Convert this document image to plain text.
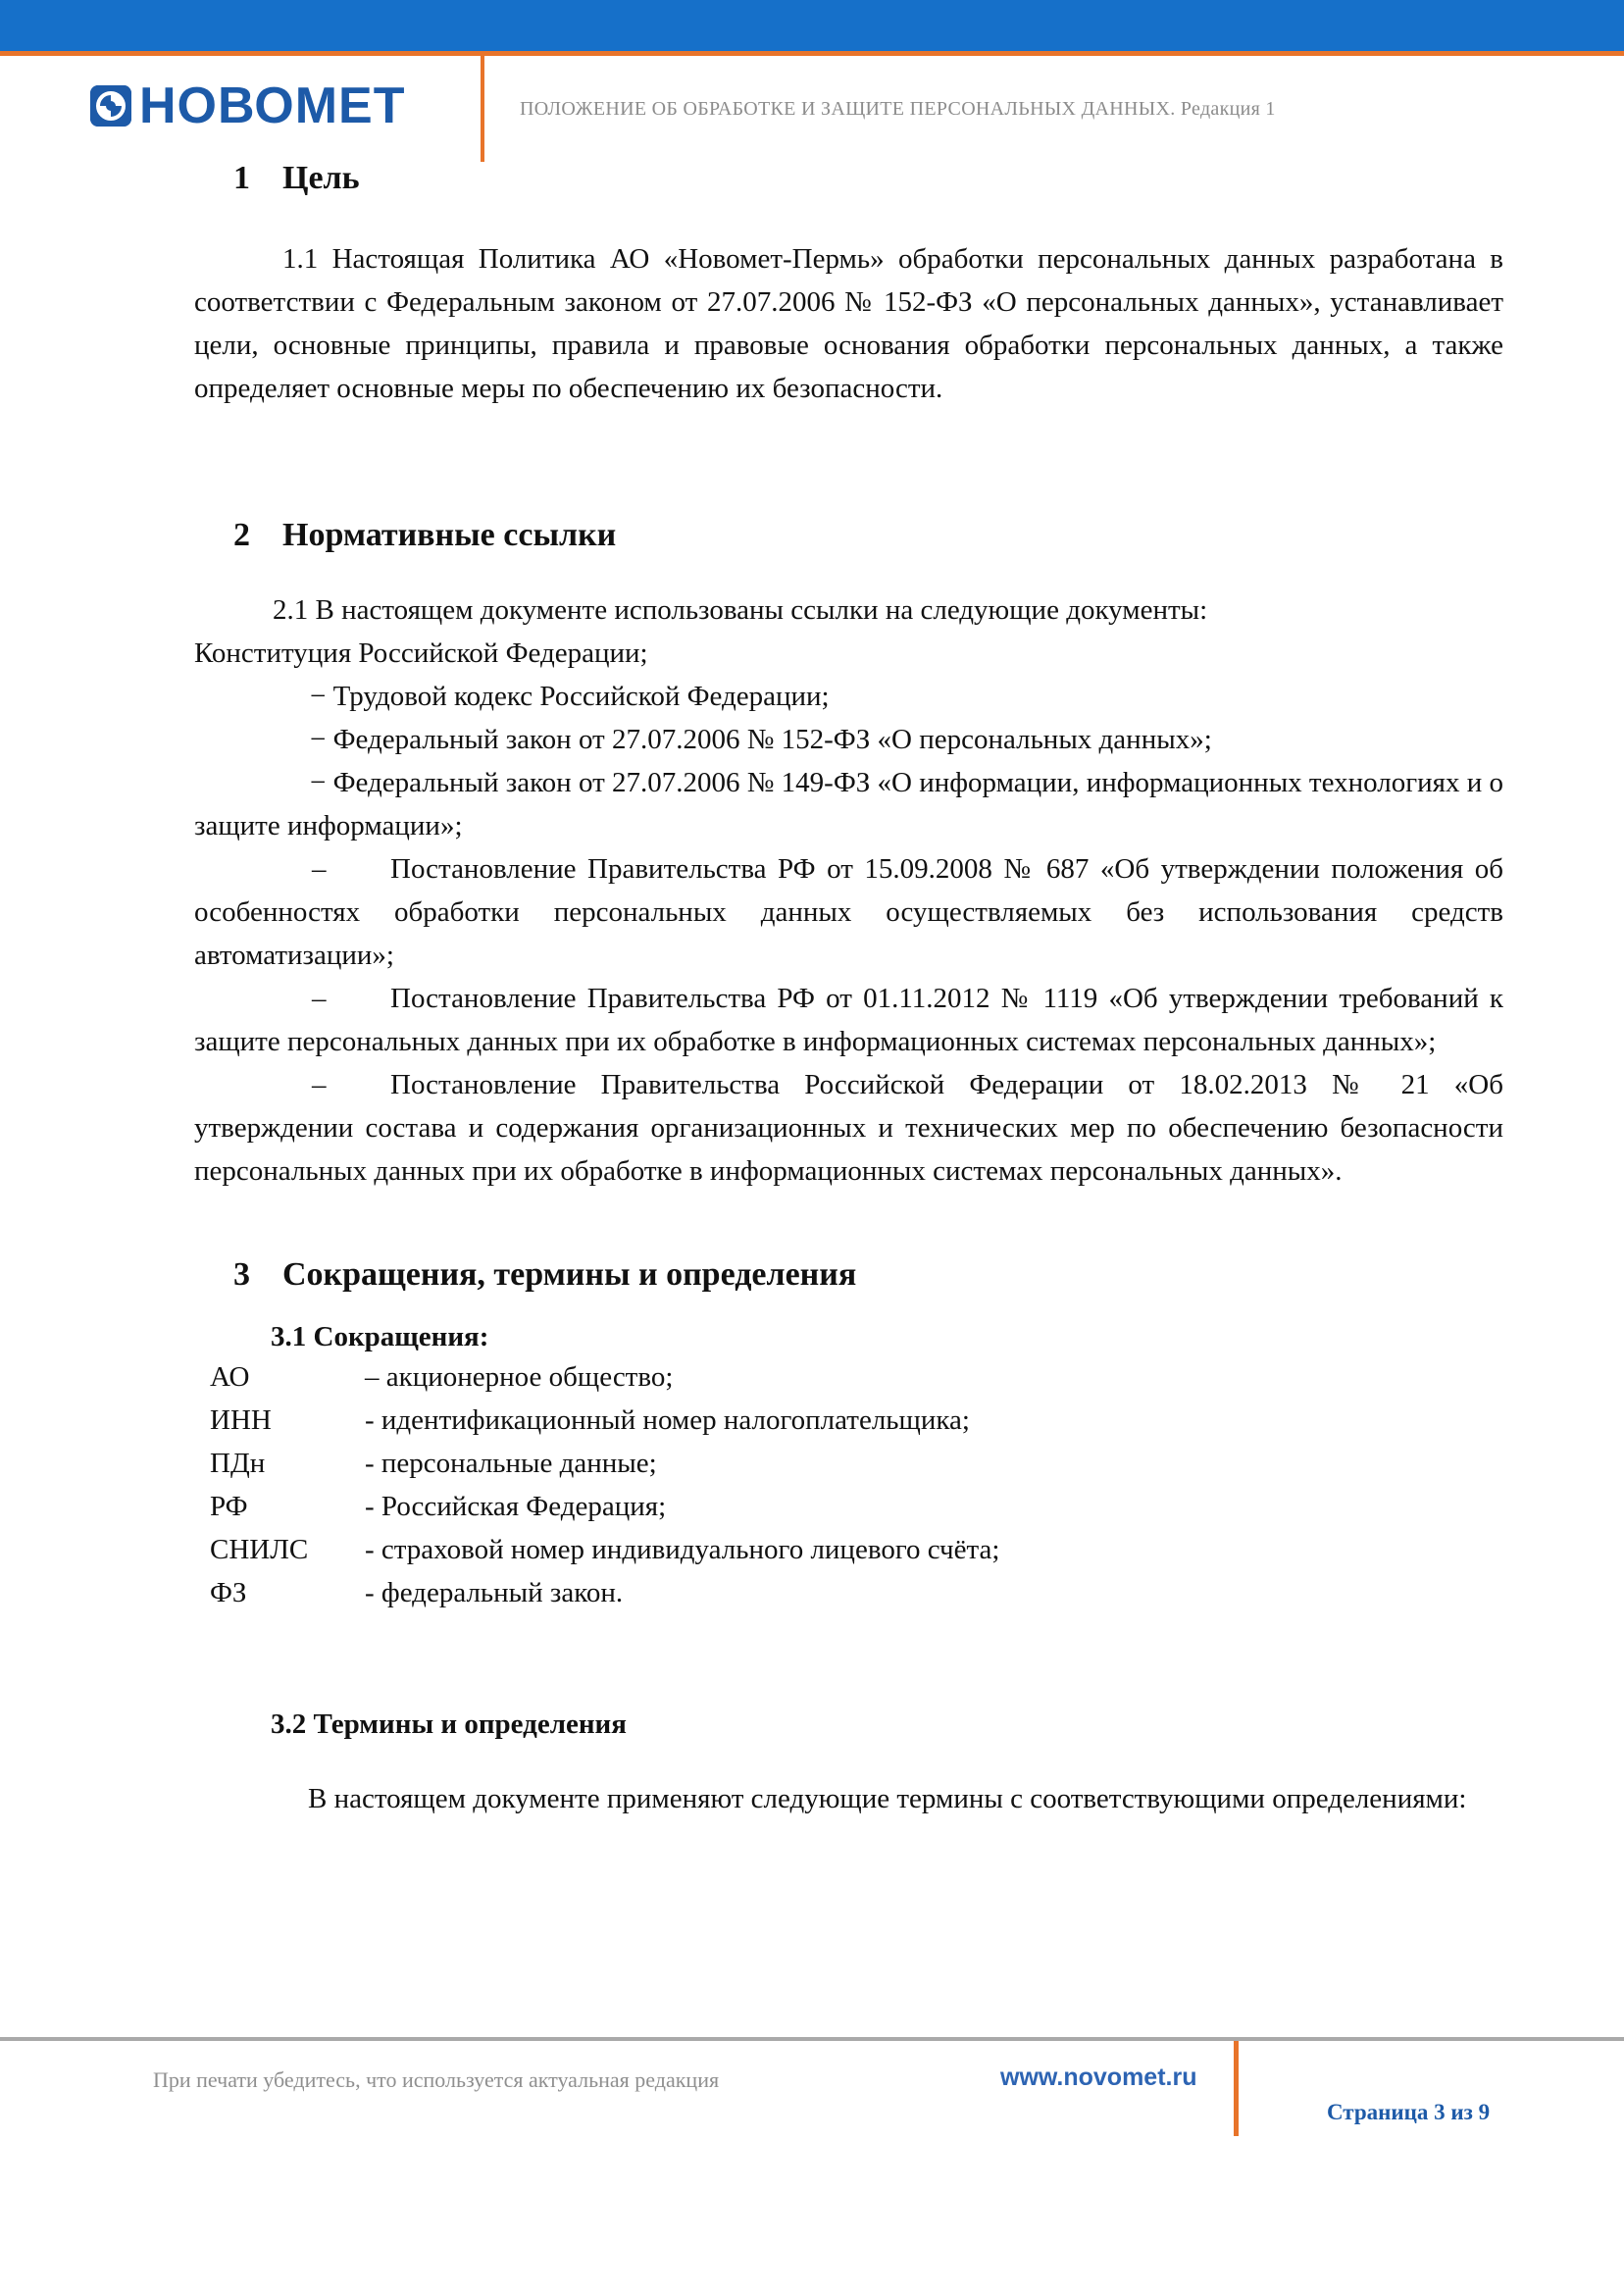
НОВОМЕТ	ПОЛОЖЕНИЕ ОБ ОБРАБОТКЕ И ЗАЩИТЕ ПЕРСОНАЛЬНЫХ ДАННЫХ. Редакция 1
1 Цель

1.1 Настоящая Политика АО «Новомет-Пермь» обработки персональных данных разработана в соответствии с Федеральным законом от 27.07.2006 № 152-ФЗ «О персональных данных», устанавливает цели, основные принципы, правила и правовые основания обработки персональных данных, а также определяет основные меры по обеспечению их безопасности.

2 Нормативные ссылки

2.1 В настоящем документе использованы ссылки на следующие документы:

Конституция Российской Федерации;

− Трудовой кодекс Российской Федерации;

− Федеральный закон от 27.07.2006 № 152-ФЗ «О персональных данных»;

− Федеральный закон от 27.07.2006 № 149-ФЗ «О информации, информационных технологиях и о защите информации»;

– Постановление Правительства РФ от 15.09.2008 № 687 «Об утверждении положения об особенностях обработки персональных данных осуществляемых без использования средств автоматизации»;

– Постановление Правительства РФ от 01.11.2012 № 1119 «Об утверждении требований к защите персональных данных при их обработке в информационных системах персональных данных»;

– Постановление Правительства Российской Федерации от 18.02.2013 № 21 «Об утверждении состава и содержания организационных и технических мер по обеспечению безопасности персональных данных при их обработке в информационных системах персональных данных».

3 Сокращения, термины и определения
3.1 Сокращения:
АО	– акционерное общество;
ИНН	- идентификационный номер налогоплательщика;
ПДн	- персональные данные;
РФ	- Российская Федерация;
СНИЛС	- страховой номер индивидуального лицевого счёта;
ФЗ	- федеральный закон.
3.2 Термины и определения

В настоящем документе применяют следующие термины с соответствующими определениями:

При печати убедитесь, что используется актуальная редакция	www.novomet.ru
Страница 3 из 9
